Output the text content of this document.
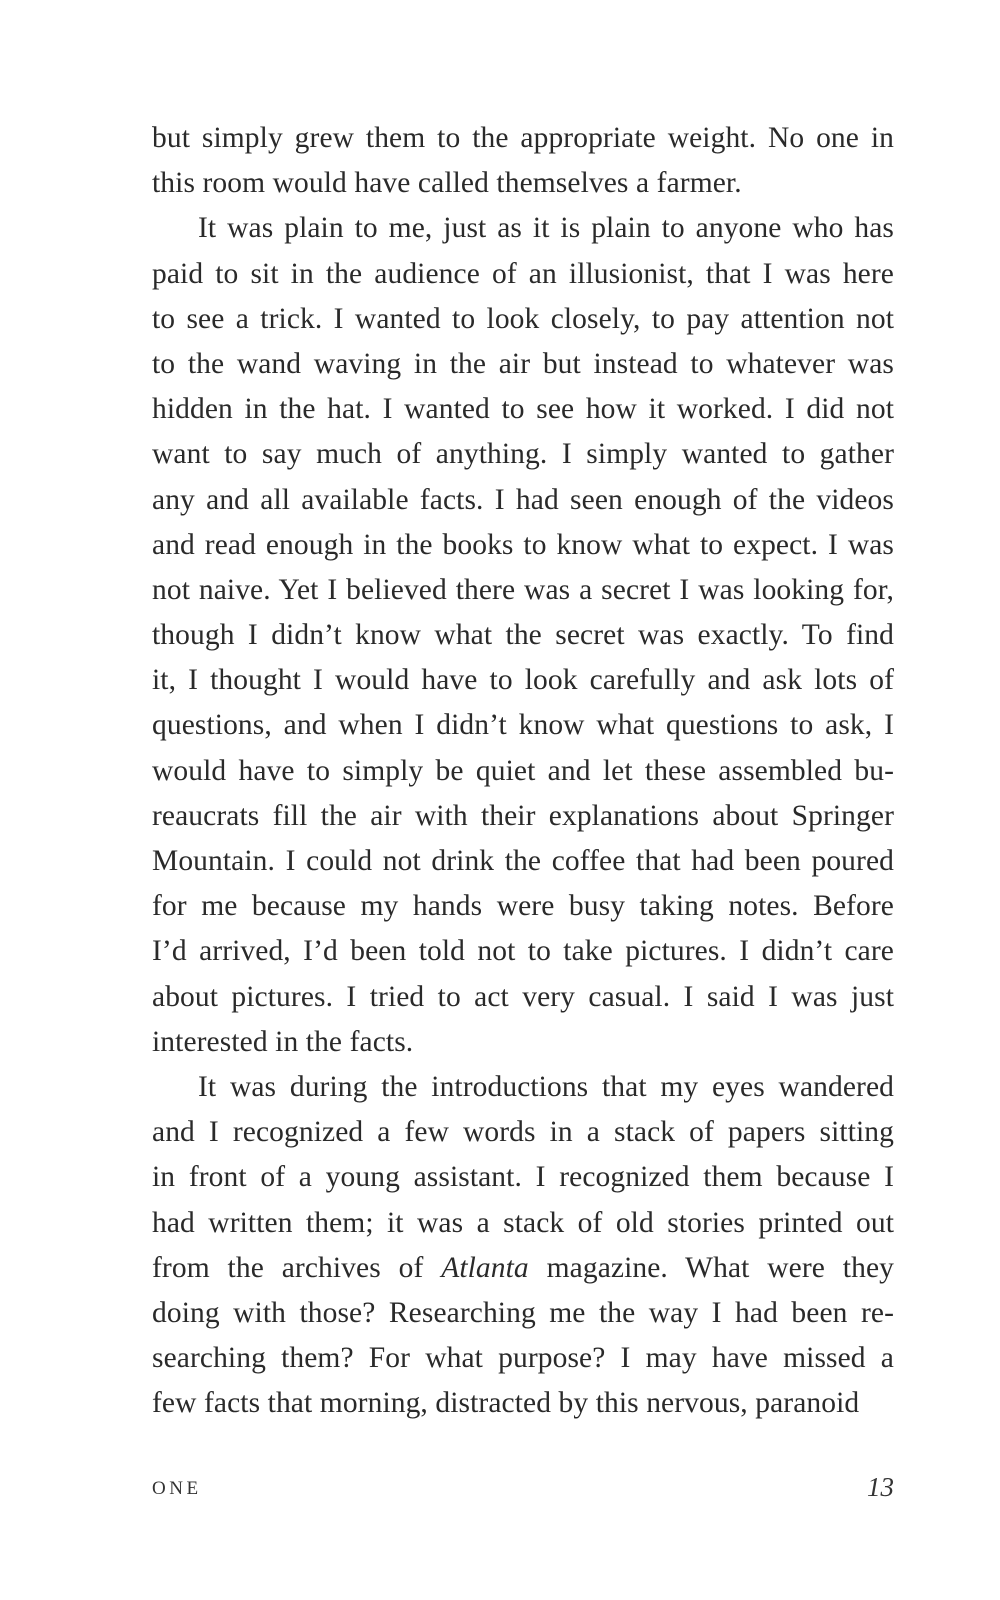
but simply grew them to the appropriate weight. No one in
this room would have called themselves a farmer.
It was plain to me, just as it is plain to anyone who has
paid to sit in the audience of an illusionist, that I was here
to see a trick. I wanted to look closely, to pay attention not
to the wand waving in the air but instead to whatever was
hidden in the hat. I wanted to see how it worked. I did not
want to say much of anything. I simply wanted to gather
any and all available facts. I had seen enough of the videos
and read enough in the books to know what to expect. I was
not naive. Yet I believed there was a secret I was looking for,
though I didn’t know what the secret was exactly. To find
it, I thought I would have to look carefully and ask lots of
questions, and when I didn’t know what questions to ask, I
would have to simply be quiet and let these assembled bu-
reaucrats fill the air with their explanations about Springer
Mountain. I could not drink the coffee that had been poured
for me because my hands were busy taking notes. Before
I’d arrived, I’d been told not to take pictures. I didn’t care
about pictures. I tried to act very casual. I said I was just
interested in the facts.
It was during the introductions that my eyes wandered
and I recognized a few words in a stack of papers sitting
in front of a young assistant. I recognized them because I
had written them; it was a stack of old stories printed out
from the archives of Atlanta magazine. What were they
doing with those? Researching me the way I had been re-
searching them? For what purpose? I may have missed a
few facts that morning, distracted by this nervous, paranoid
ONE	13
